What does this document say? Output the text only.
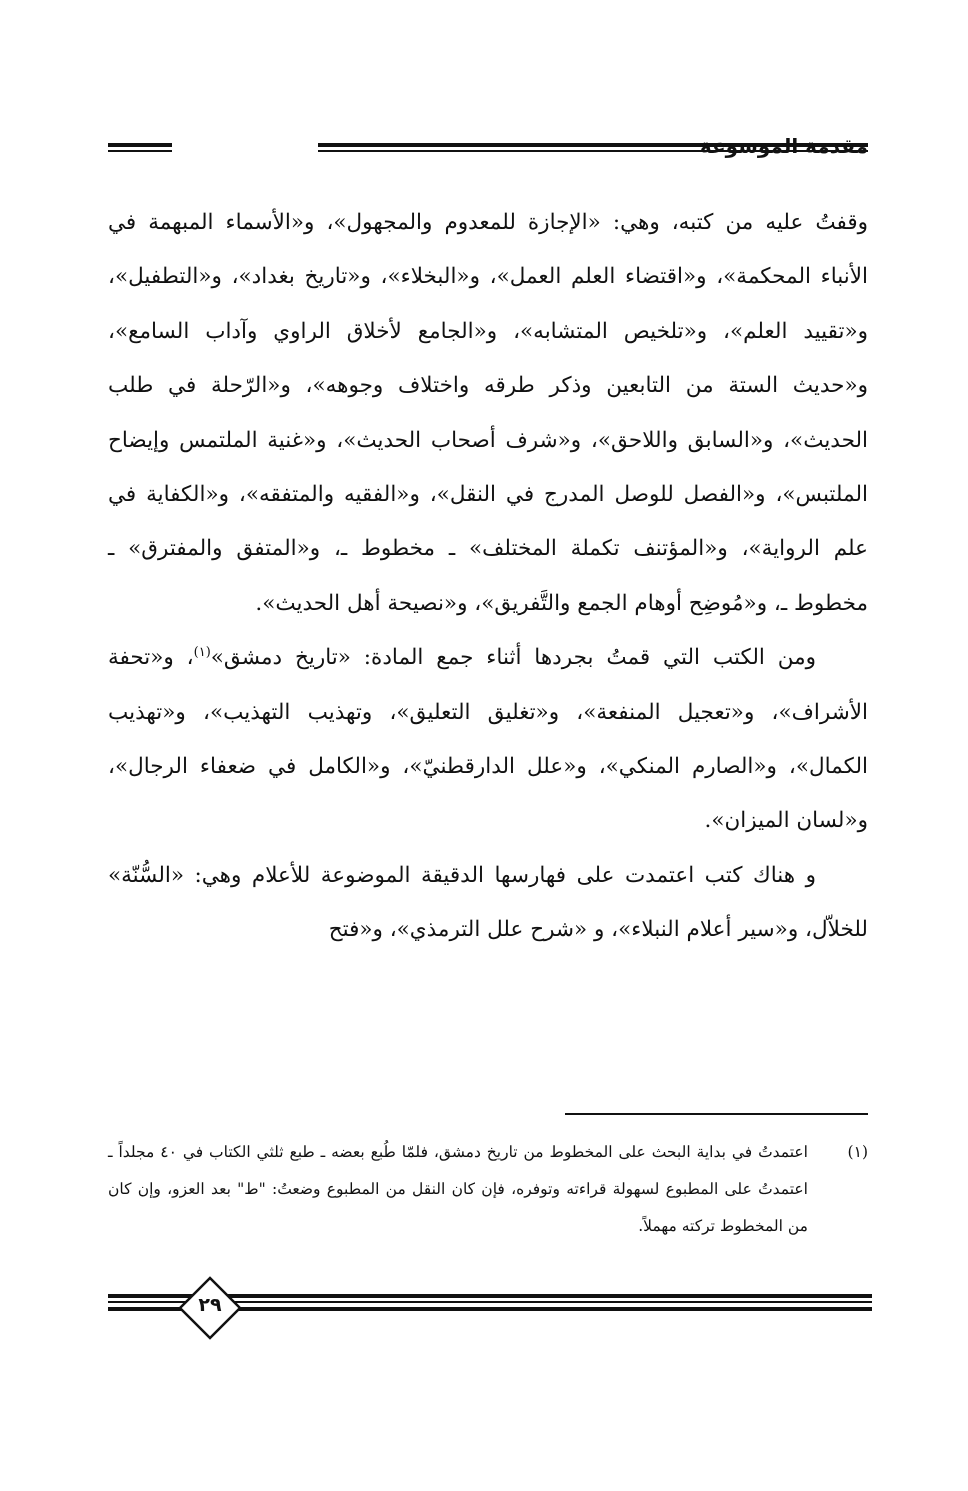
مقدمة الموسوعة

وقفتُ عليه من كتبه، وهي: «الإجازة للمعدوم والمجهول»، و«الأسماء المبهمة في الأنباء المحكمة»، و«اقتضاء العلم العمل»، و«البخلاء»، و«تاريخ بغداد»، و«التطفيل»، و«تقييد العلم»، و«تلخيص المتشابه»، و«الجامع لأخلاق الراوي وآداب السامع»، و«حديث الستة من التابعين وذكر طرقه واختلاف وجوهه»، و«الرّحلة في طلب الحديث»، و«السابق واللاحق»، و«شرف أصحاب الحديث»، و«غنية الملتمس وإيضاح الملتبس»، و«الفصل للوصل المدرج في النقل»، و«الفقيه والمتفقه»، و«الكفاية في علم الرواية»، و«المؤتنف تكملة المختلف» ـ مخطوط ـ، و«المتفق والمفترق» ـ مخطوط ـ، و«مُوضِح أوهام الجمع والتَّفريق»، و«نصيحة أهل الحديث».

ومن الكتب التي قمتُ بجردها أثناء جمع المادة: «تاريخ دمشق»$^{(١)}$، و«تحفة الأشراف»، و«تعجيل المنفعة»، و«تغليق التعليق»، وتهذيب التهذيب»، و«تهذيب الكمال»، و«الصارم المنكي»، و«علل الدارقطنيّ»، و«الكامل في ضعفاء الرجال»، و«لسان الميزان».

و هناك كتب اعتمدت على فهارسها الدقيقة الموضوعة للأعلام وهي: «السُّنّة» للخلاّل، و«سير أعلام النبلاء»، و «شرح علل الترمذي»، و«فتح

(١)
اعتمدتُ في بداية البحث على المخطوط من تاريخ دمشق، فلمّا طُبع بعضه ـ طبع ثلثي الكتاب في ٤٠ مجلداً ـ اعتمدتُ على المطبوع لسهولة قراءته وتوفره، فإن كان النقل من المطبوع وضعتُ: "ط" بعد العزو، وإن كان من المخطوط تركته مهملاً.
٢٩
